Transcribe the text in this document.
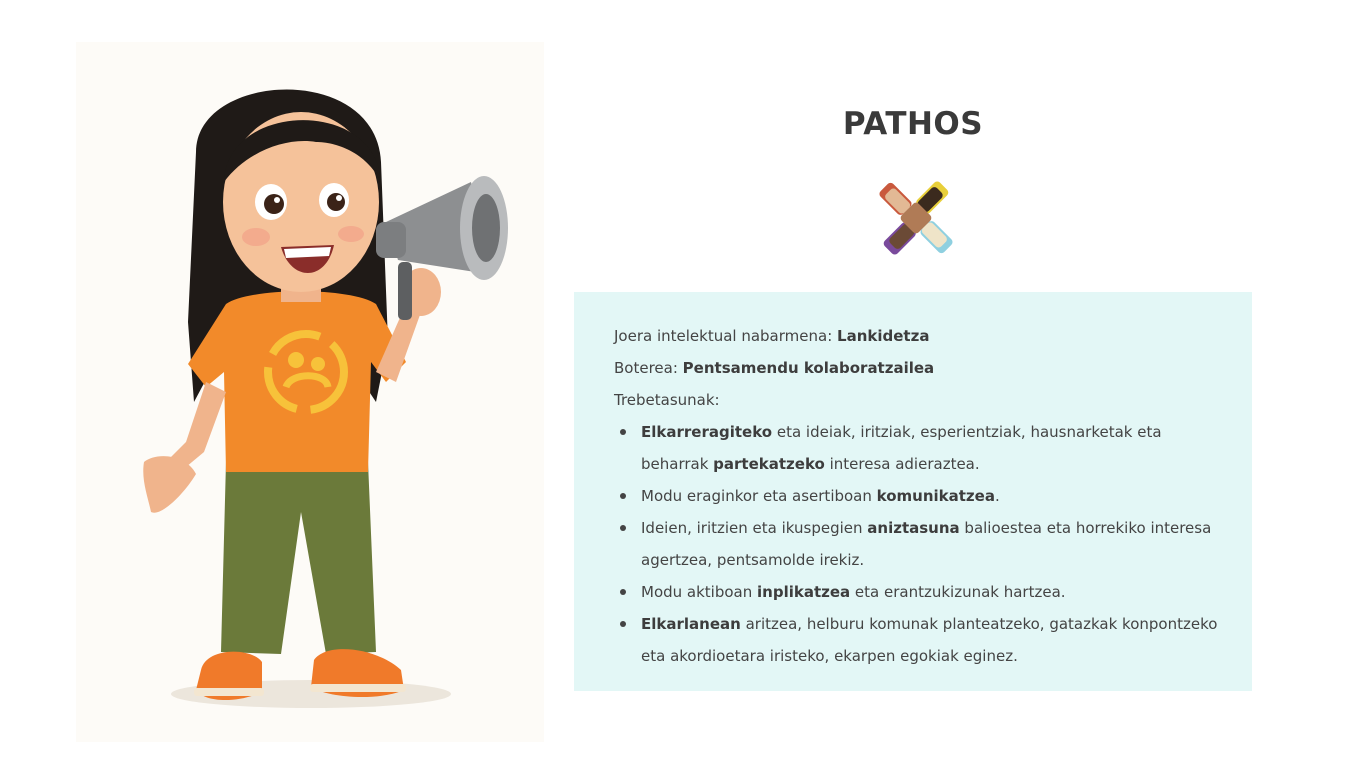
PATHOS
Joera intelektual nabarmena: Lankidetza
Boterea: Pentsamendu kolaboratzailea
Trebetasunak:
Elkarreragiteko eta ideiak, iritziak, esperientziak, hausnarketak eta
beharrak partekatzeko interesa adieraztea.
Modu eraginkor eta asertiboan komunikatzea.
Ideien, iritzien eta ikuspegien aniztasuna balioestea eta horrekiko interesa
agertzea, pentsamolde irekiz.
Modu aktiboan inplikatzea eta erantzukizunak hartzea.
Elkarlanean aritzea, helburu komunak planteatzeko, gatazkak konpontzeko
eta akordioetara iristeko, ekarpen egokiak eginez.
